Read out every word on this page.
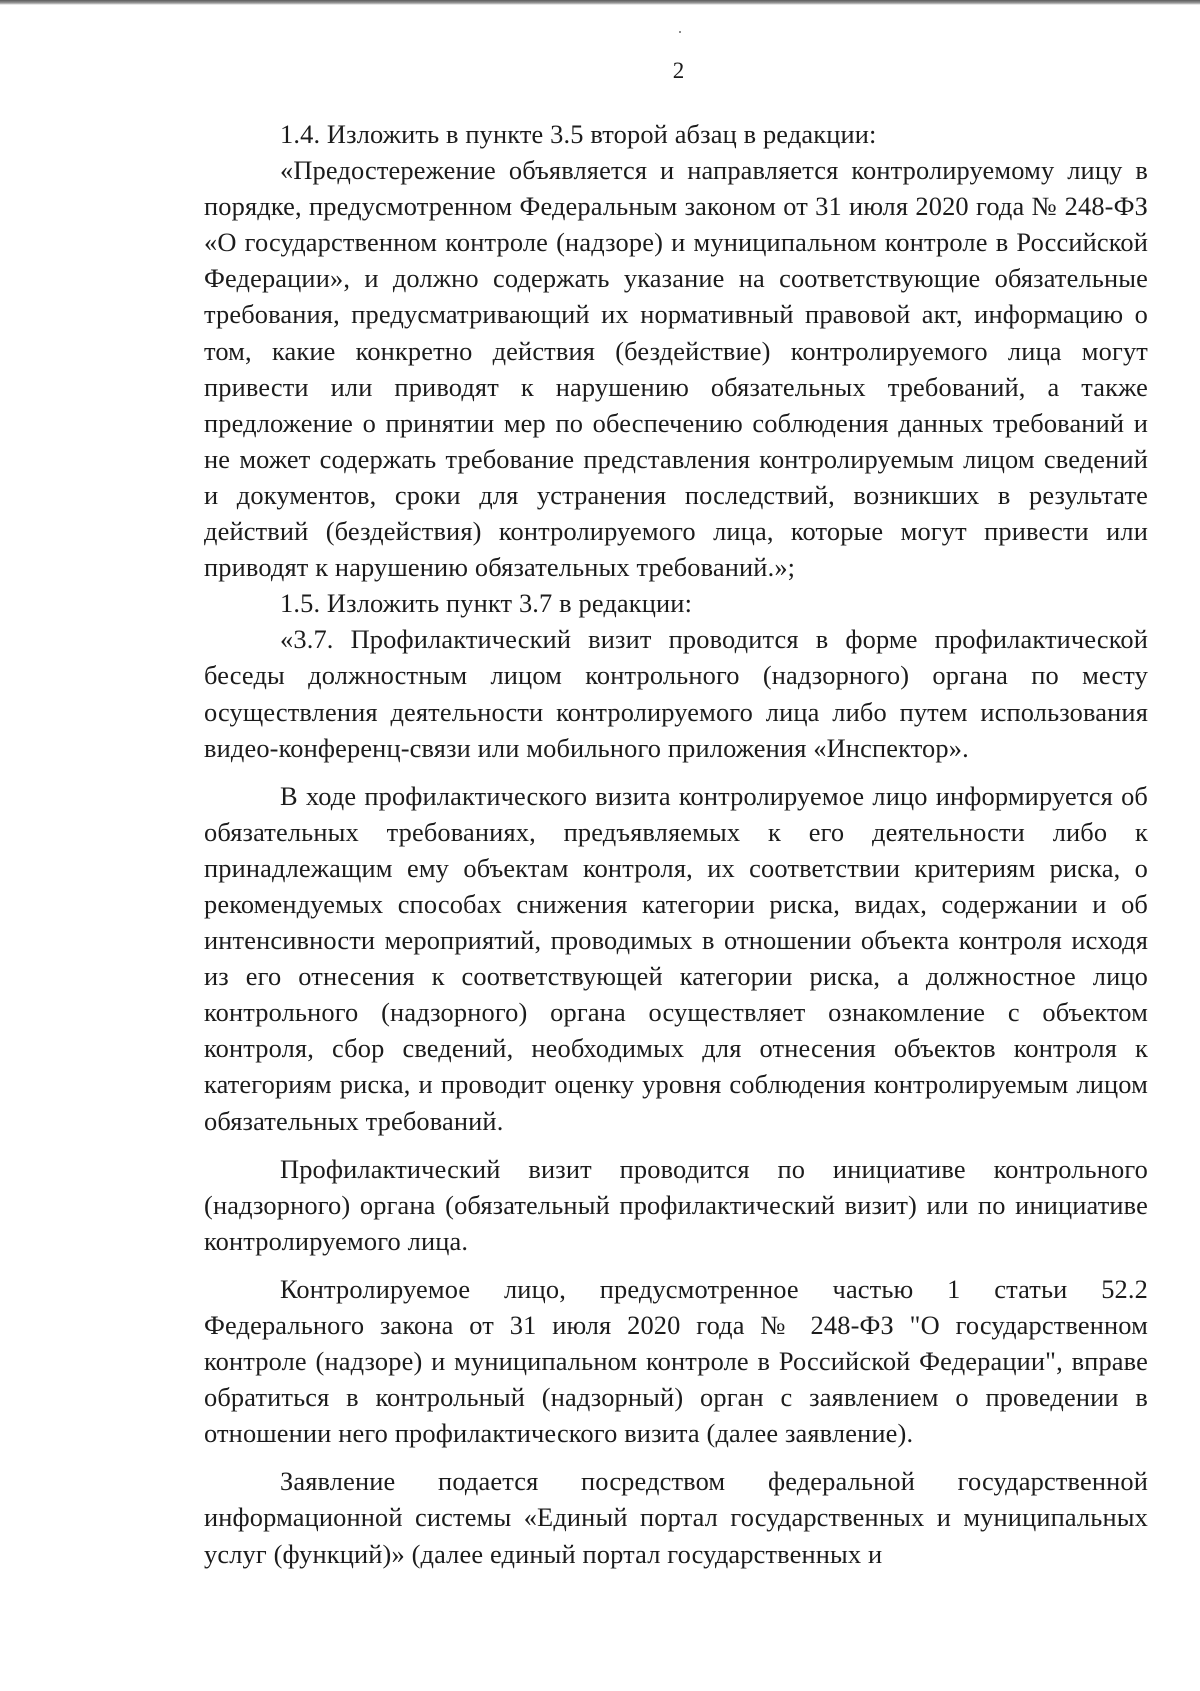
2

1.4. Изложить в пункте 3.5 второй абзац в редакции:

«Предостережение объявляется и направляется контролируемому лицу в порядке, предусмотренном Федеральным законом от 31 июля 2020 года № 248-ФЗ «О государственном контроле (надзоре) и муниципальном контроле в Российской Федерации», и должно содержать указание на соответствующие обязательные требования, предусматривающий их нормативный правовой акт, информацию о том, какие конкретно действия (бездействие) контролируемого лица могут привести или приводят к нарушению обязательных требований, а также предложение о принятии мер по обеспечению соблюдения данных требований и не может содержать требование представления контролируемым лицом сведений и документов, сроки для устранения последствий, возникших в результате действий (бездействия) контролируемого лица, которые могут привести или приводят к нарушению обязательных требований.»;

1.5. Изложить пункт 3.7 в редакции:

«3.7. Профилактический визит проводится в форме профилактической беседы должностным лицом контрольного (надзорного) органа по месту осуществления деятельности контролируемого лица либо путем использования видео-конференц-связи или мобильного приложения «Инспектор».

В ходе профилактического визита контролируемое лицо информируется об обязательных требованиях, предъявляемых к его деятельности либо к принадлежащим ему объектам контроля, их соответствии критериям риска, о рекомендуемых способах снижения категории риска, видах, содержании и об интенсивности мероприятий, проводимых в отношении объекта контроля исходя из его отнесения к соответствующей категории риска, а должностное лицо контрольного (надзорного) органа осуществляет ознакомление с объектом контроля, сбор сведений, необходимых для отнесения объектов контроля к категориям риска, и проводит оценку уровня соблюдения контролируемым лицом обязательных требований.

Профилактический визит проводится по инициативе контрольного (надзорного) органа (обязательный профилактический визит) или по инициативе контролируемого лица.

Контролируемое лицо, предусмотренное частью 1 статьи 52.2 Федерального закона от 31 июля 2020 года № 248-ФЗ "О государственном контроле (надзоре) и муниципальном контроле в Российской Федерации", вправе обратиться в контрольный (надзорный) орган с заявлением о проведении в отношении него профилактического визита (далее заявление).

Заявление подается посредством федеральной государственной информационной системы «Единый портал государственных и муниципальных услуг (функций)» (далее единый портал государственных и
